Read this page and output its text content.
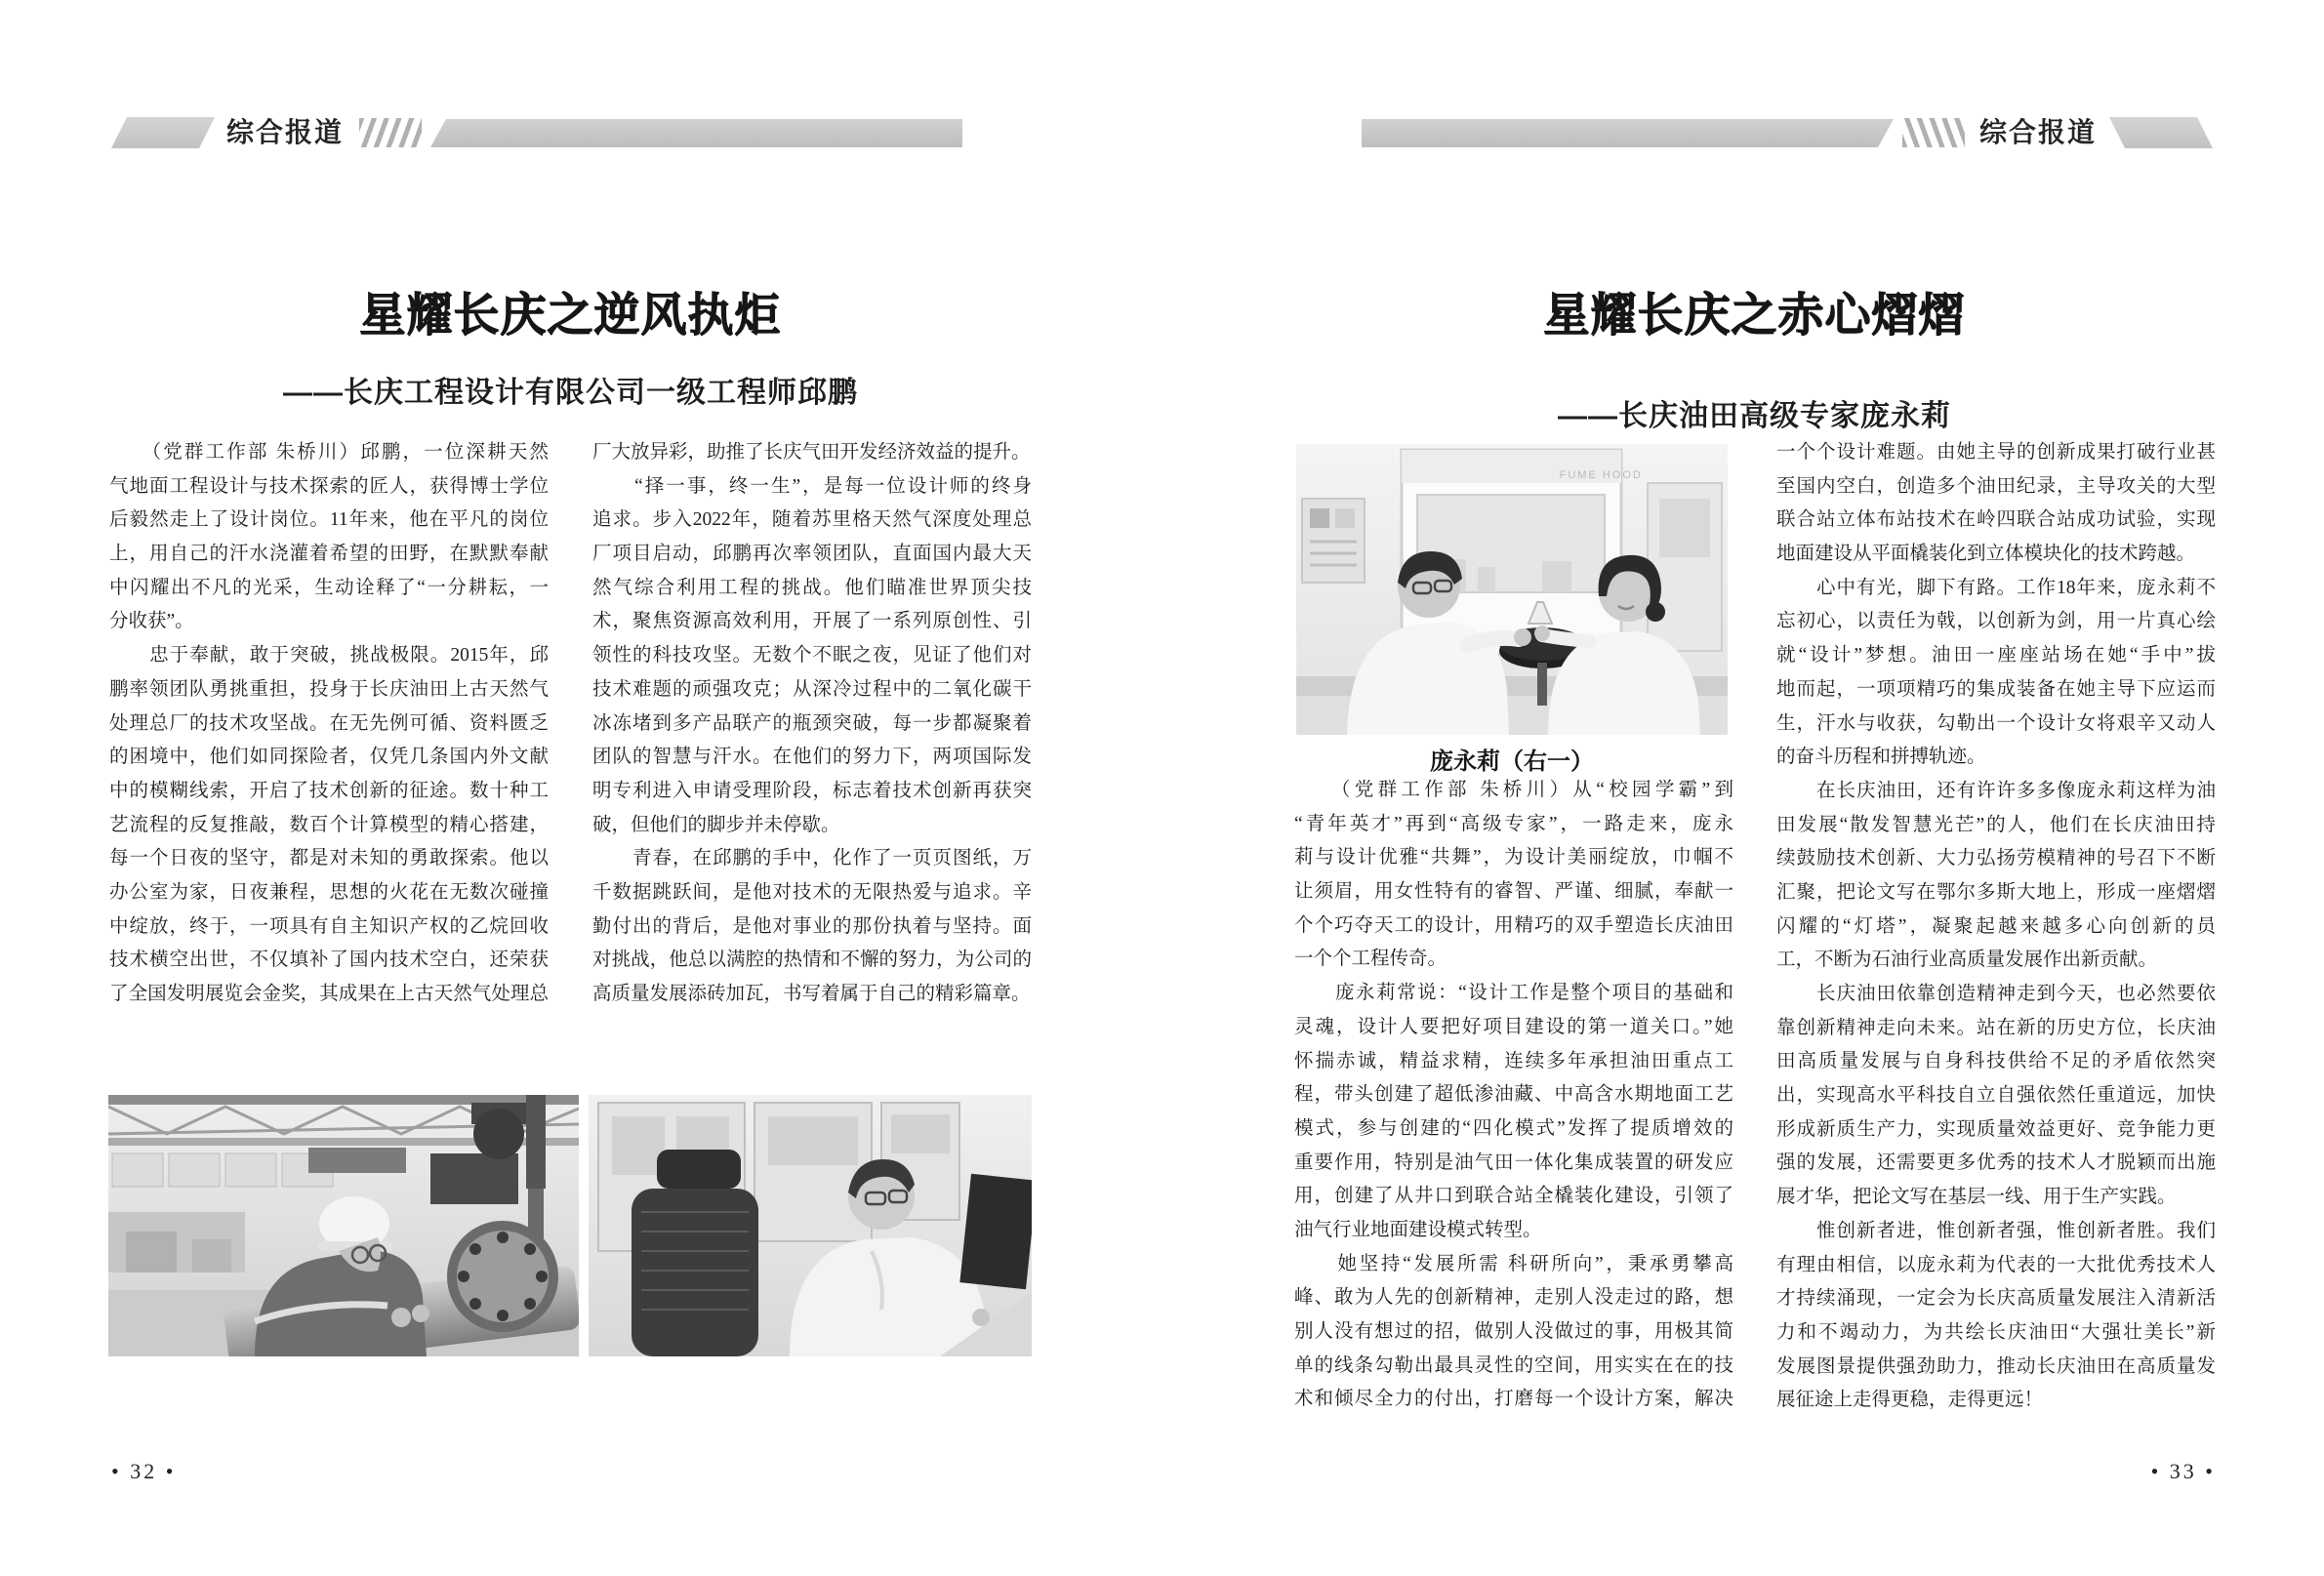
综合报道
星耀长庆之逆风执炬
——长庆工程设计有限公司一级工程师邱鹏
　　（党群工作部 朱桥川）邱鹏，一位深耕天然
气地面工程设计与技术探索的匠人，获得博士学位
后毅然走上了设计岗位。11年来，他在平凡的岗位
上，用自己的汗水浇灌着希望的田野，在默默奉献
中闪耀出不凡的光采，生动诠释了“一分耕耘，一
分收获”。
　　忠于奉献，敢于突破，挑战极限。2015年，邱
鹏率领团队勇挑重担，投身于长庆油田上古天然气
处理总厂的技术攻坚战。在无先例可循、资料匮乏
的困境中，他们如同探险者，仅凭几条国内外文献
中的模糊线索，开启了技术创新的征途。数十种工
艺流程的反复推敲，数百个计算模型的精心搭建，
每一个日夜的坚守，都是对未知的勇敢探索。他以
办公室为家，日夜兼程，思想的火花在无数次碰撞
中绽放，终于，一项具有自主知识产权的乙烷回收
技术横空出世，不仅填补了国内技术空白，还荣获
了全国发明展览会金奖，其成果在上古天然气处理总
厂大放异彩，助推了长庆气田开发经济效益的提升。
　　“择一事，终一生”，是每一位设计师的终身
追求。步入2022年，随着苏里格天然气深度处理总
厂项目启动，邱鹏再次率领团队，直面国内最大天
然气综合利用工程的挑战。他们瞄准世界顶尖技
术，聚焦资源高效利用，开展了一系列原创性、引
领性的科技攻坚。无数个不眠之夜，见证了他们对
技术难题的顽强攻克；从深冷过程中的二氧化碳干
冰冻堵到多产品联产的瓶颈突破，每一步都凝聚着
团队的智慧与汗水。在他们的努力下，两项国际发
明专利进入申请受理阶段，标志着技术创新再获突
破，但他们的脚步并未停歇。
　　青春，在邱鹏的手中，化作了一页页图纸，万
千数据跳跃间，是他对技术的无限热爱与追求。辛
勤付出的背后，是他对事业的那份执着与坚持。面
对挑战，他总以满腔的热情和不懈的努力，为公司的
高质量发展添砖加瓦，书写着属于自己的精彩篇章。
• 32 •
综合报道
星耀长庆之赤心熠熠
——长庆油田高级专家庞永莉
FUME HOOD
庞永莉（右一）
　　（党群工作部 朱桥川）从“校园学霸”到
“青年英才”再到“高级专家”，一路走来，庞永
莉与设计优雅“共舞”，为设计美丽绽放，巾帼不
让须眉，用女性特有的睿智、严谨、细腻，奉献一
个个巧夺天工的设计，用精巧的双手塑造长庆油田
一个个工程传奇。
　　庞永莉常说：“设计工作是整个项目的基础和
灵魂，设计人要把好项目建设的第一道关口。”她
怀揣赤诚，精益求精，连续多年承担油田重点工
程，带头创建了超低渗油藏、中高含水期地面工艺
模式，参与创建的“四化模式”发挥了提质增效的
重要作用，特别是油气田一体化集成装置的研发应
用，创建了从井口到联合站全橇装化建设，引领了
油气行业地面建设模式转型。
　　她坚持“发展所需 科研所向”，秉承勇攀高
峰、敢为人先的创新精神，走别人没走过的路，想
别人没有想过的招，做别人没做过的事，用极其简
单的线条勾勒出最具灵性的空间，用实实在在的技
术和倾尽全力的付出，打磨每一个设计方案，解决
一个个设计难题。由她主导的创新成果打破行业甚
至国内空白，创造多个油田纪录，主导攻关的大型
联合站立体布站技术在岭四联合站成功试验，实现
地面建设从平面橇装化到立体模块化的技术跨越。
　　心中有光，脚下有路。工作18年来，庞永莉不
忘初心，以责任为戟，以创新为剑，用一片真心绘
就“设计”梦想。油田一座座站场在她“手中”拔
地而起，一项项精巧的集成装备在她主导下应运而
生，汗水与收获，勾勒出一个设计女将艰辛又动人
的奋斗历程和拼搏轨迹。
　　在长庆油田，还有许许多多像庞永莉这样为油
田发展“散发智慧光芒”的人，他们在长庆油田持
续鼓励技术创新、大力弘扬劳模精神的号召下不断
汇聚，把论文写在鄂尔多斯大地上，形成一座熠熠
闪耀的“灯塔”，凝聚起越来越多心向创新的员
工，不断为石油行业高质量发展作出新贡献。
　　长庆油田依靠创造精神走到今天，也必然要依
靠创新精神走向未来。站在新的历史方位，长庆油
田高质量发展与自身科技供给不足的矛盾依然突
出，实现高水平科技自立自强依然任重道远，加快
形成新质生产力，实现质量效益更好、竞争能力更
强的发展，还需要更多优秀的技术人才脱颖而出施
展才华，把论文写在基层一线、用于生产实践。
　　惟创新者进，惟创新者强，惟创新者胜。我们
有理由相信，以庞永莉为代表的一大批优秀技术人
才持续涌现，一定会为长庆高质量发展注入清新活
力和不竭动力，为共绘长庆油田“大强壮美长”新
发展图景提供强劲助力，推动长庆油田在高质量发
展征途上走得更稳，走得更远！
• 33 •
